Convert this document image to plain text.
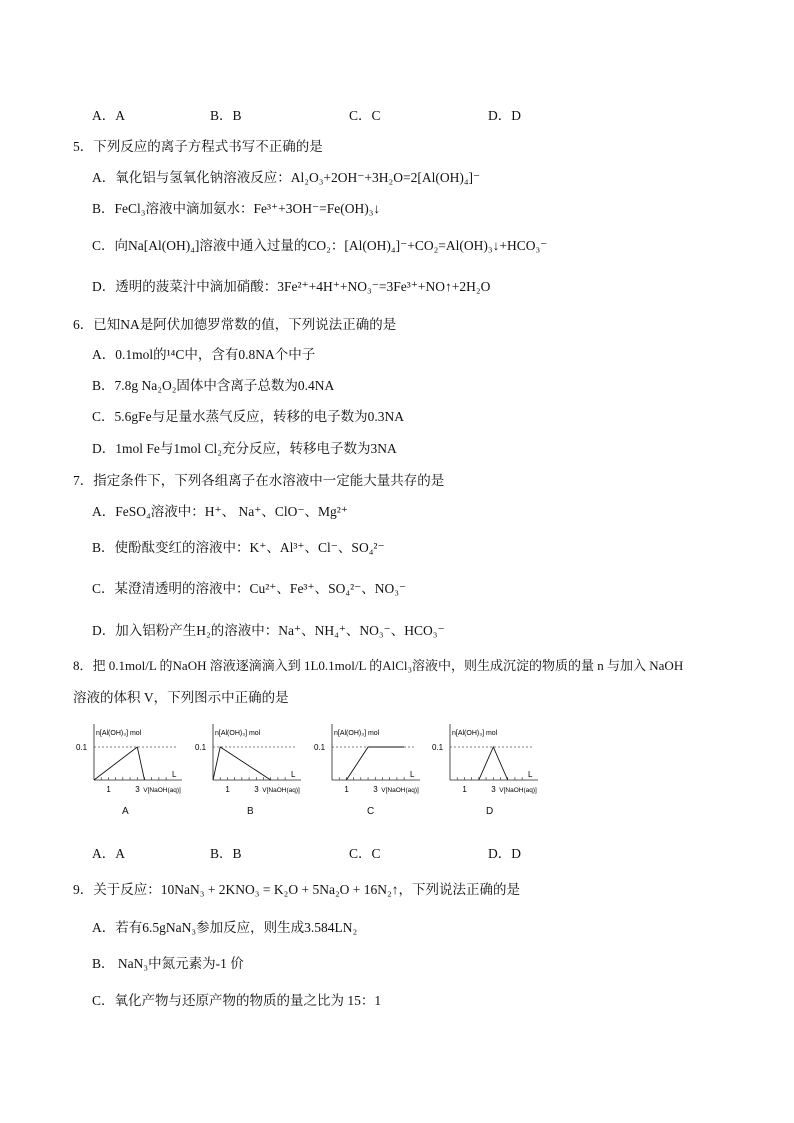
A．A	B．B	C．C	D．D
5．下列反应的离子方程式书写不正确的是
A．氧化铝与氢氧化钠溶液反应：Al₂O₃+2OH⁻+3H₂O=2[Al(OH)₄]⁻
B．FeCl₃溶液中滴加氨水：Fe³⁺+3OH⁻=Fe(OH)₃↓
C．向Na[Al(OH)₄]溶液中通入过量的CO₂：[Al(OH)₄]⁻+CO₂=Al(OH)₃↓+HCO₃⁻
D．透明的菠菜汁中滴加硝酸：3Fe²⁺+4H⁺+NO₃⁻=3Fe³⁺+NO↑+2H₂O
6．已知NA是阿伏加德罗常数的值，下列说法正确的是
A．0.1mol的¹⁴C中，含有0.8NA个中子
B．7.8g Na₂O₂固体中含离子总数为0.4NA
C．5.6gFe与足量水蒸气反应，转移的电子数为0.3NA
D．1mol Fe与1mol Cl₂充分反应，转移电子数为3NA
7．指定条件下，下列各组离子在水溶液中一定能大量共存的是
A．FeSO₄溶液中：H⁺、 Na⁺、ClO⁻、Mg²⁺
B．使酚酞变红的溶液中：K⁺、Al³⁺、Cl⁻、SO₄²⁻
C．某澄清透明的溶液中：Cu²⁺、Fe³⁺、SO₄²⁻、NO₃⁻
D．加入铝粉产生H₂的溶液中：Na⁺、NH₄⁺、NO₃⁻、HCO₃⁻
8．把 0.1mol/L 的NaOH 溶液逐滴滴入到 1L0.1mol/L 的AlCl₃溶液中，则生成沉淀的物质的量 n 与加入 NaOH
溶液的体积 V，下列图示中正确的是
n[Al(OH)₃] mol
L
0.1
1	3 V[NaOH(aq)]
n[Al(OH)₃] mol
L
0.1
1	3 V[NaOH(aq)]
n[Al(OH)₃] mol
L
0.1
1	3 V[NaOH(aq)]
n[Al(OH)₃] mol
L
0.1
1	3 V[NaOH(aq)]
A	B	C	D
A．A	B．B	C．C	D．D
9．关于反应：10NaN₃ + 2KNO₃ = K₂O + 5Na₂O + 16N₂↑，下列说法正确的是
A．若有6.5gNaN₃参加反应，则生成3.584LN₂
B． NaN₃中氮元素为-1 价
C．氧化产物与还原产物的物质的量之比为 15：1
